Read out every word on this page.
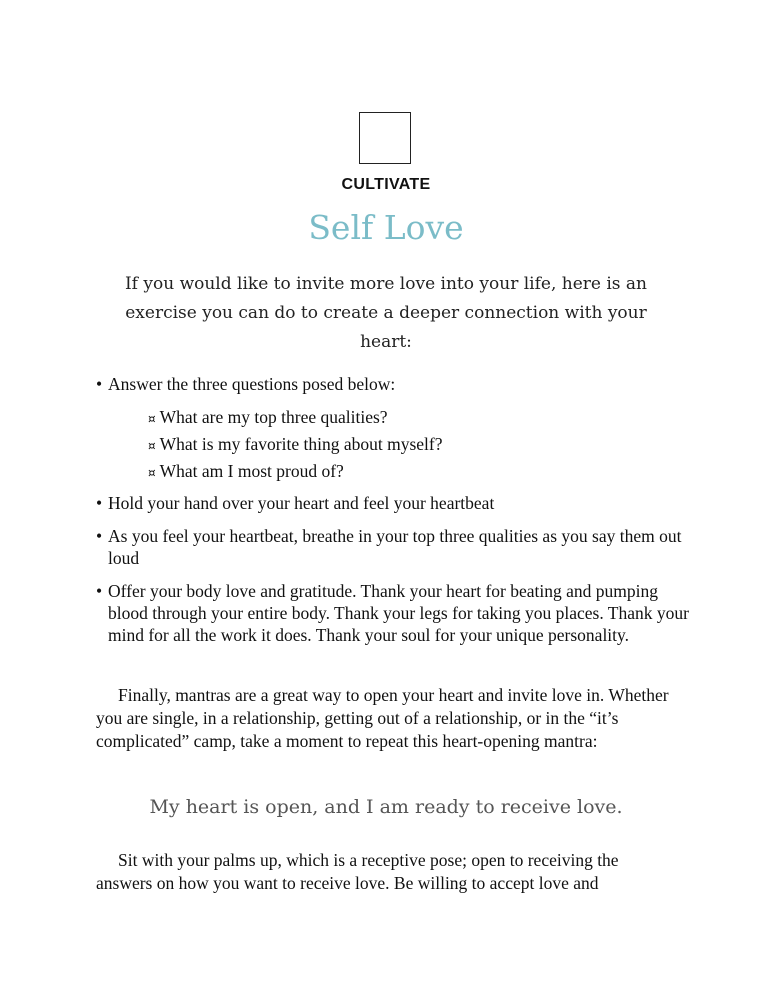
CULTIVATE
Self Love
If you would like to invite more love into your life, here is an exercise you can do to create a deeper connection with your heart:
• Answer the three questions posed below:
¤ What are my top three qualities?
¤ What is my favorite thing about myself?
¤ What am I most proud of?
• Hold your hand over your heart and feel your heartbeat
• As you feel your heartbeat, breathe in your top three qualities as you say them out loud
• Offer your body love and gratitude. Thank your heart for beating and pumping blood through your entire body. Thank your legs for taking you places. Thank your mind for all the work it does. Thank your soul for your unique personality.
Finally, mantras are a great way to open your heart and invite love in. Whether you are single, in a relationship, getting out of a relationship, or in the “it’s complicated” camp, take a moment to repeat this heart-opening mantra:
My heart is open, and I am ready to receive love.
Sit with your palms up, which is a receptive pose; open to receiving the answers on how you want to receive love. Be willing to accept love and
